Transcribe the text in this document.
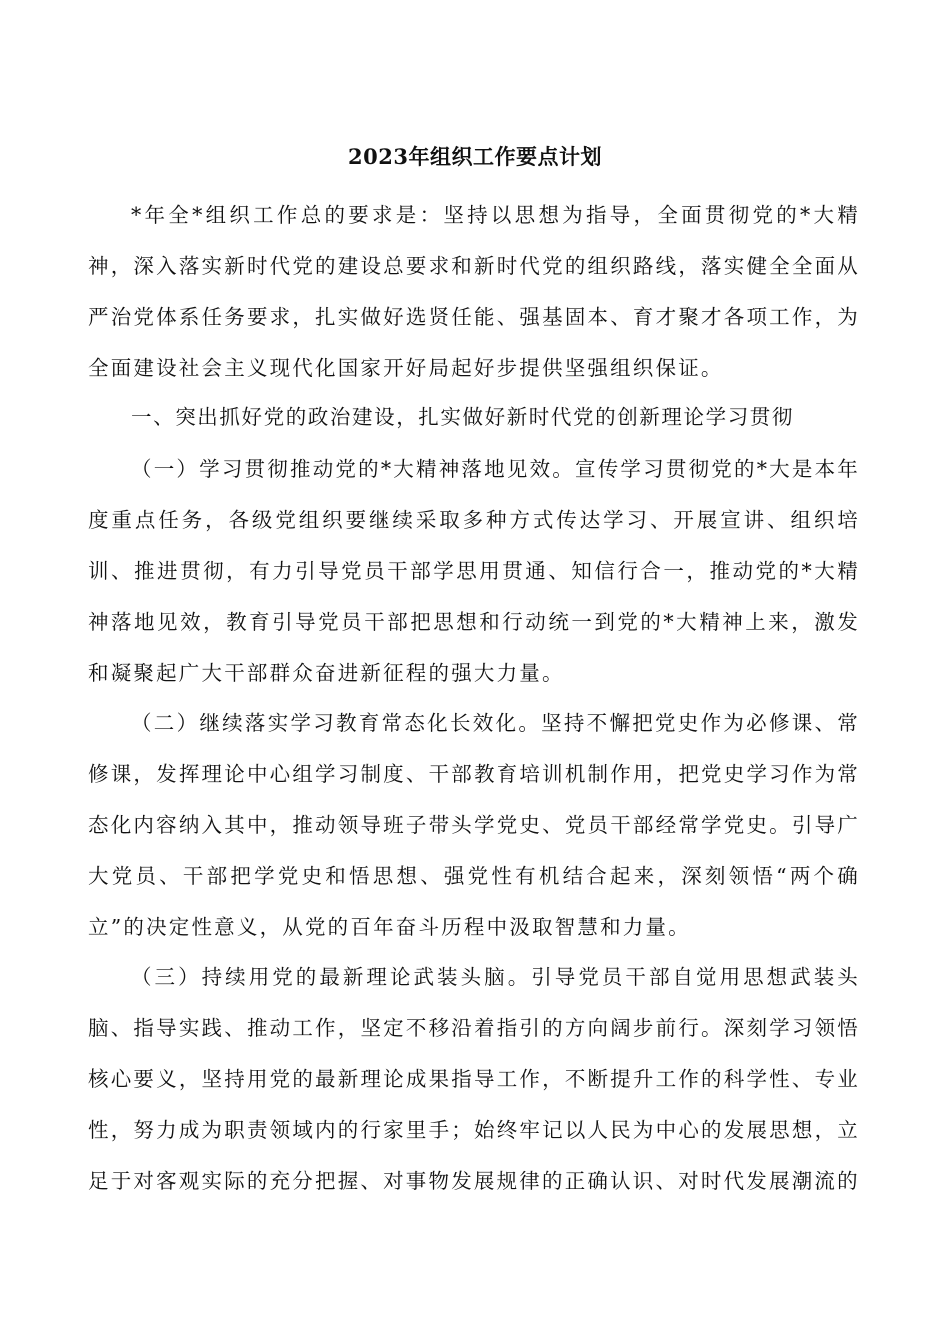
2023年组织工作要点计划

*年全*组织工作总的要求是：坚持以思想为指导，全面贯彻党的*大精神，深入落实新时代党的建设总要求和新时代党的组织路线，落实健全全面从严治党体系任务要求，扎实做好选贤任能、强基固本、育才聚才各项工作，为全面建设社会主义现代化国家开好局起好步提供坚强组织保证。

一、突出抓好党的政治建设，扎实做好新时代党的创新理论学习贯彻

（一）学习贯彻推动党的*大精神落地见效。宣传学习贯彻党的*大是本年度重点任务，各级党组织要继续采取多种方式传达学习、开展宣讲、组织培训、推进贯彻，有力引导党员干部学思用贯通、知信行合一，推动党的*大精神落地见效，教育引导党员干部把思想和行动统一到党的*大精神上来，激发和凝聚起广大干部群众奋进新征程的强大力量。

（二）继续落实学习教育常态化长效化。坚持不懈把党史作为必修课、常修课，发挥理论中心组学习制度、干部教育培训机制作用，把党史学习作为常态化内容纳入其中，推动领导班子带头学党史、党员干部经常学党史。引导广大党员、干部把学党史和悟思想、强党性有机结合起来，深刻领悟“两个确立”的决定性意义，从党的百年奋斗历程中汲取智慧和力量。

（三）持续用党的最新理论武装头脑。引导党员干部自觉用思想武装头脑、指导实践、推动工作，坚定不移沿着指引的方向阔步前行。深刻学习领悟核心要义，坚持用党的最新理论成果指导工作，不断提升工作的科学性、专业性，努力成为职责领域内的行家里手；始终牢记以人民为中心的发展思想，立足于对客观实际的充分把握、对事物发展规律的正确认识、对时代发展潮流的
